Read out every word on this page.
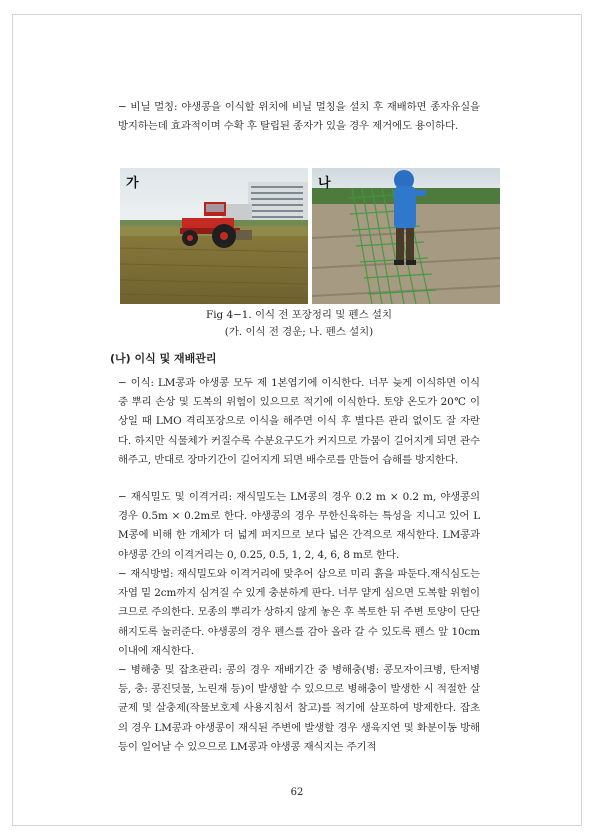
− 비닐 멀칭: 야생콩을 이식할 위치에 비닐 멀칭을 설치 후 재배하면 종자유실을 방지하는데 효과적이며 수확 후 탈립된 종자가 있을 경우 제거에도 용이하다.

가	나
Fig 4−1. 이식 전 포장정리 및 펜스 설치
(가. 이식 전 경운; 나. 펜스 설치)
(나) 이식 및 재배관리

− 이식: LM콩과 야생콩 모두 제 1본엽기에 이식한다. 너무 늦게 이식하면 이식 중 뿌리 손상 및 도복의 위험이 있으므로 적기에 이식한다. 토양 온도가 20℃ 이상일 때 LMO 격리포장으로 이식을 해주면 이식 후 별다른 관리 없이도 잘 자란다. 하지만 식물체가 커질수록 수분요구도가 커지므로 가뭄이 길어지게 되면 관수해주고, 반대로 장마기간이 길어지게 되면 배수로를 만들어 습해를 방지한다.

− 재식밀도 및 이격거리: 재식밀도는 LM콩의 경우 0.2 m × 0.2 m, 야생콩의 경우 0.5m × 0.2m로 한다. 야생콩의 경우 무한신육하는 특성을 지니고 있어 LM콩에 비해 한 개체가 더 넓게 퍼지므로 보다 넓은 간격으로 재식한다. LM콩과 야생콩 간의 이격거리는 0, 0.25, 0.5, 1, 2, 4, 6, 8 m로 한다.

− 재식방법: 재식밀도와 이격거리에 맞추어 삽으로 미리 흙을 파둔다.재식심도는 자엽 밑 2cm까지 심겨질 수 있게 충분하게 판다. 너무 얕게 심으면 도복할 위험이 크므로 주의한다. 모종의 뿌리가 상하지 않게 놓은 후 복토한 뒤 주변 토양이 단단해지도록 눌러준다. 야생콩의 경우 펜스를 감아 올라 갈 수 있도록 펜스 앞 10cm 이내에 재식한다.

− 병해충 및 잡초관리: 콩의 경우 재배기간 중 병해충(병: 콩모자이크병, 탄저병 등, 충: 콩진딧물, 노린재 등)이 발생할 수 있으므로 병해충이 발생한 시 적절한 살균제 및 살충제(작물보호제 사용지침서 참고)를 적기에 살포하여 방제한다. 잡초의 경우 LM콩과 야생콩이 재식된 주변에 발생할 경우 생육지연 및 화분이동 방해 등이 일어날 수 있으므로 LM콩과 야생콩 재식지는 주기적

62
